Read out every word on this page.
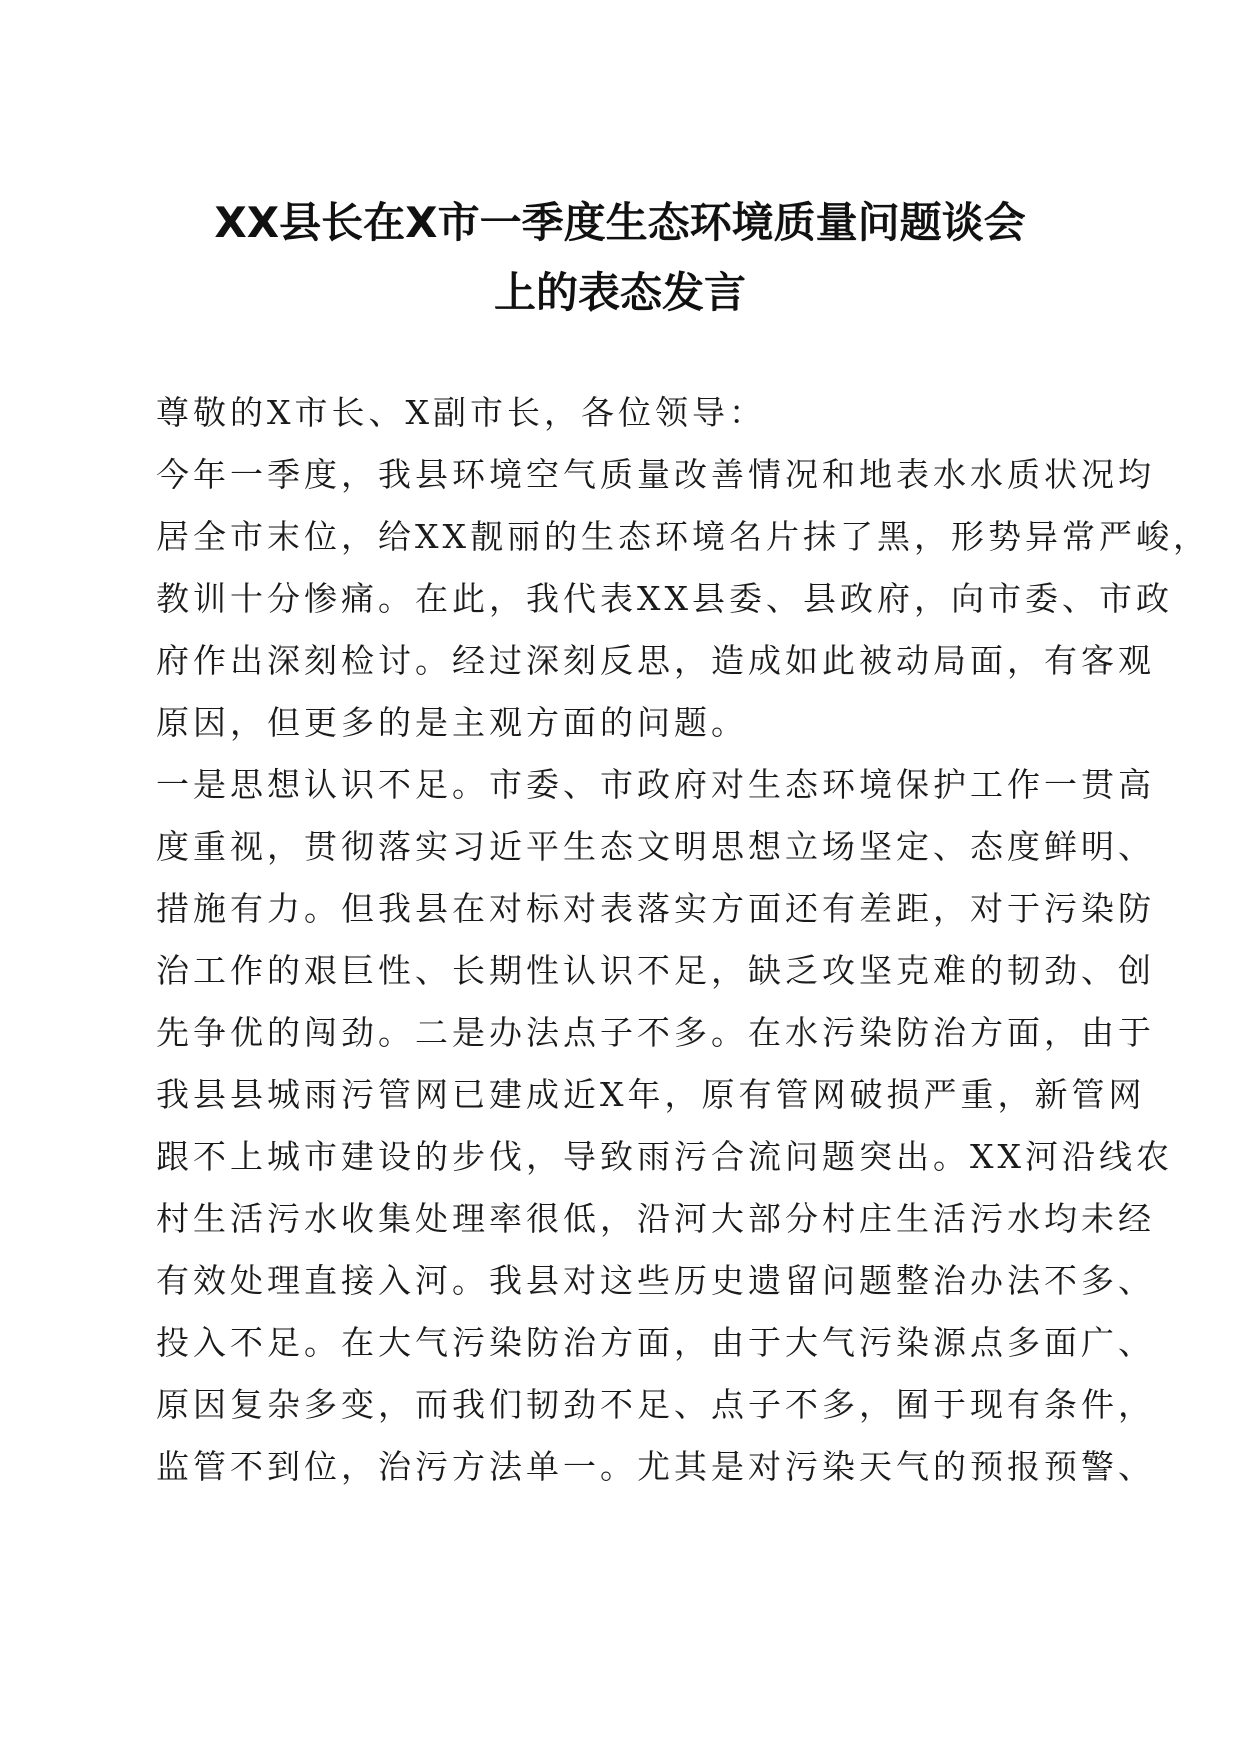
XX县长在X市一季度生态环境质量问题谈会
上的表态发言
尊敬的X市长、X副市长，各位领导：
今年一季度，我县环境空气质量改善情况和地表水水质状况均
居全市末位，给XX靓丽的生态环境名片抹了黑，形势异常严峻，
教训十分惨痛。在此，我代表XX县委、县政府，向市委、市政
府作出深刻检讨。经过深刻反思，造成如此被动局面，有客观
原因，但更多的是主观方面的问题。
一是思想认识不足。市委、市政府对生态环境保护工作一贯高
度重视，贯彻落实习近平生态文明思想立场坚定、态度鲜明、
措施有力。但我县在对标对表落实方面还有差距，对于污染防
治工作的艰巨性、长期性认识不足，缺乏攻坚克难的韧劲、创
先争优的闯劲。二是办法点子不多。在水污染防治方面，由于
我县县城雨污管网已建成近X年，原有管网破损严重，新管网
跟不上城市建设的步伐，导致雨污合流问题突出。XX河沿线农
村生活污水收集处理率很低，沿河大部分村庄生活污水均未经
有效处理直接入河。我县对这些历史遗留问题整治办法不多、
投入不足。在大气污染防治方面，由于大气污染源点多面广、
原因复杂多变，而我们韧劲不足、点子不多，囿于现有条件，
监管不到位，治污方法单一。尤其是对污染天气的预报预警、
